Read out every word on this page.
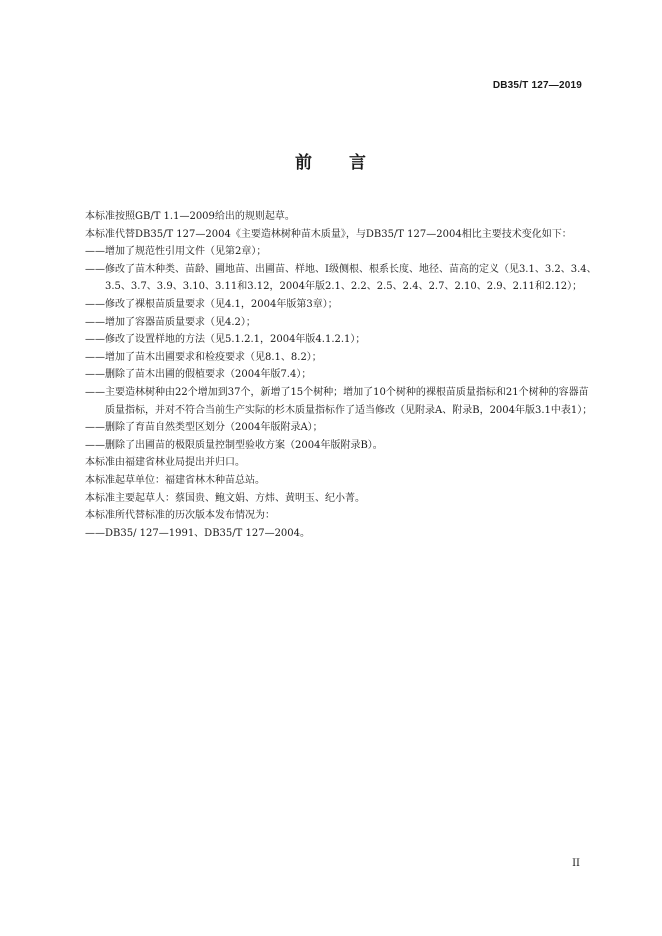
DB35/T 127—2019
前 言

本标准按照GB/T 1.1—2009给出的规则起草。

本标准代替DB35/T 127—2004《主要造林树种苗木质量》，与DB35/T 127—2004相比主要技术变化如下：

——增加了规范性引用文件（见第2章）；

——修改了苗木种类、苗龄、圃地苗、出圃苗、样地、Ⅰ级侧根、根系长度、地径、苗高的定义（见3.1、3.2、3.4、3.5、3.7、3.9、3.10、3.11和3.12，2004年版2.1、2.2、2.5、2.4、2.7、2.10、2.9、2.11和2.12）；

——修改了裸根苗质量要求（见4.1，2004年版第3章）；

——增加了容器苗质量要求（见4.2）；

——修改了设置样地的方法（见5.1.2.1，2004年版4.1.2.1）；

——增加了苗木出圃要求和检疫要求（见8.1、8.2）；

——删除了苗木出圃的假植要求（2004年版7.4）；

——主要造林树种由22个增加到37个，新增了15个树种；增加了10个树种的裸根苗质量指标和21个树种的容器苗质量指标，并对不符合当前生产实际的杉木质量指标作了适当修改（见附录A、附录B，2004年版3.1中表1）；

——删除了育苗自然类型区划分（2004年版附录A）；

——删除了出圃苗的极限质量控制型验收方案（2004年版附录B）。

本标准由福建省林业局提出并归口。

本标准起草单位：福建省林木种苗总站。

本标准主要起草人：蔡国贵、鲍文娟、方炜、黄明玉、纪小菁。

本标准所代替标准的历次版本发布情况为：

——DB35/ 127—1991、DB35/T 127—2004。

II
